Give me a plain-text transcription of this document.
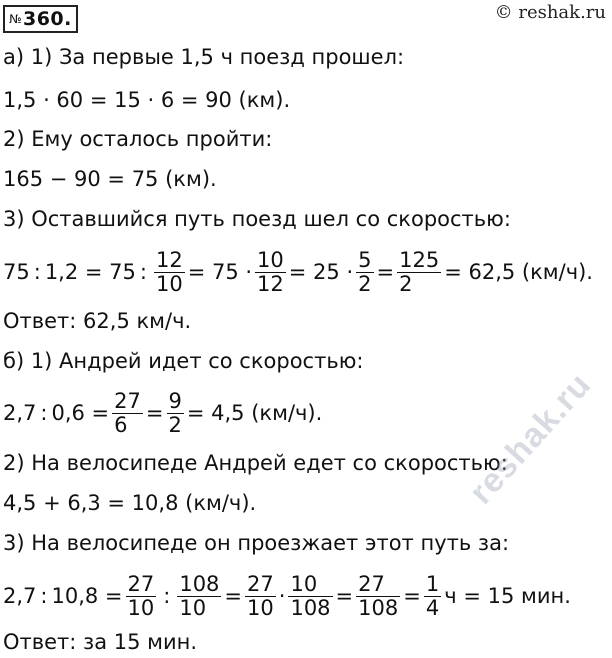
№360.	© reshak.ru
а) 1) За первые 1,5 ч поезд прошел:
1,5 · 60 = 15 · 6 = 90 (км).
2) Ему осталось пройти:
165 − 90 = 75 (км).
3) Оставшийся путь поезд шел со скоростью:
75 : 1,2 = 75 : $\frac{12}{10} = 75 \cdot \frac{10}{12} = 25 \cdot \frac{5}{2} = \frac{125}{2} = 62,5$ (км/ч).
Ответ: 62,5 км/ч.
б) 1) Андрей идет со скоростью:
2,7 : $0,6 = \frac{27}{6} = \frac{9}{2} = 4,5$ (км/ч).
2) На велосипеде Андрей едет со скоростью:
4,5 + 6,3 = 10,8 (км/ч).
3) На велосипеде он проезжает этот путь за:
2,7 : $10,8 = \frac{27}{10}$ : $\frac{108}{10} = \frac{27}{10} \cdot \frac{10}{108} = \frac{27}{108} = \frac{1}{4}$ ч = 15 мин.
Ответ: за 15 мин.
reshak.ru
